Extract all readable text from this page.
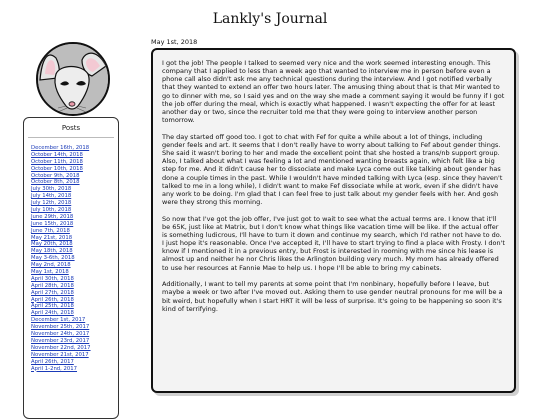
Lankly's Journal
Posts
December 16th, 2018
October 14th, 2018
October 11th, 2018
October 10th, 2018
October 9th, 2018
October 8th, 2018
July 30th, 2018
July 14th, 2018
July 12th, 2018
July 10th, 2018
June 29th, 2018
June 15th, 2018
June 7th, 2018
May 21st, 2018
May 20th, 2018
May 18th, 2018
May 3-6th, 2018
May 2nd, 2018
May 1st, 2018
April 30th, 2018
April 28th, 2018
April 27th, 2018
April 26th, 2018
April 25th, 2018
April 24th, 2018
December 1st, 2017
November 25th, 2017
November 24th, 2017
November 23rd, 2017
November 22nd, 2017
November 21st, 2017
April 26th, 2017
April 1-2nd, 2017
May 1st, 2018

I got the job! The people I talked to seemed very nice and the work seemed interesting enough. This company that I applied to less than a week ago that wanted to interview me in person before even a phone call also didn't ask me any technical questions during the interview. And I got notified verbally that they wanted to extend an offer two hours later. The amusing thing about that is that Mir wanted to go to dinner with me, so I said yes and on the way she made a comment saying it would be funny if I got the job offer during the meal, which is exactly what happened. I wasn't expecting the offer for at least another day or two, since the recruiter told me that they were going to interview another person tomorrow.

The day started off good too. I got to chat with Fef for quite a while about a lot of things, including gender feels and art. It seems that I don't really have to worry about talking to Fef about gender things. She said it wasn't boring to her and made the excellent point that she hosted a trans/nb support group. Also, I talked about what I was feeling a lot and mentioned wanting breasts again, which felt like a big step for me. And it didn't cause her to dissociate and make Lyca come out like talking about gender has done a couple times in the past. While I wouldn't have minded talking with Lyca (esp. since they haven't talked to me in a long while), I didn't want to make Fef dissociate while at work, even if she didn't have any work to be doing. I'm glad that I can feel free to just talk about my gender feels with her. And gosh were they strong this morning.

So now that I've got the job offer, I've just got to wait to see what the actual terms are. I know that it'll be 65K, just like at Matrix, but I don't know what things like vacation time will be like. If the actual offer is something ludicrous, I'll have to turn it down and continue my search, which I'd rather not have to do. I just hope it's reasonable. Once I've accepted it, I'll have to start trying to find a place with Frosty. I don't know if I mentioned it in a previous entry, but Frost is interested in rooming with me since his lease is almost up and neither he nor Chris likes the Arlington building very much. My mom has already offered to use her resources at Fannie Mae to help us. I hope I'll be able to bring my cabinets.

Additionally, I want to tell my parents at some point that I'm nonbinary, hopefully before I leave, but maybe a week or two after I've moved out. Asking them to use gender neutral pronouns for me will be a bit weird, but hopefully when I start HRT it will be less of surprise. It's going to be happening so soon it's kind of terrifying.
